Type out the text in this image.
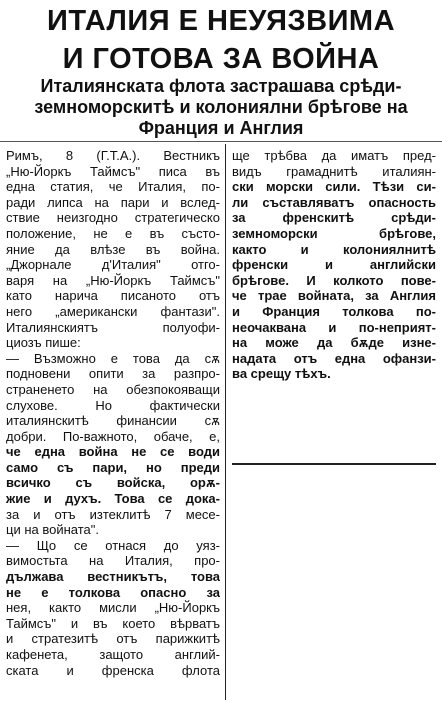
ИТАЛИЯ Е НЕУЯЗВИМА
И ГОТОВА ЗА ВОЙНА
Италиянската флота застрашава срѣди-
земноморскитѣ и колониялни брѣгове на
Франция и Англия
Римъ, 8 (Г.Т.А.). Вестникъ
„Ню-Йоркъ Таймсъ" писа въ
една статия, че Италия, по-
ради липса на пари и вслед-
ствие неизгодно стратегическо
положение, не е въ състо-
яние да влѣзе въ война.
„Джорнале д'Италия" отго-
варя на „Ню-Йоркъ Таймсъ"
като нарича писаното отъ
него „американски фантази".
Италиянскиятъ полуофи-
циозъ пише:
— Възможно е това да сѫ
подновени опити за разпро-
страненето на обезпокояващи
слухове. Но фактически
италиянскитѣ финансии сѫ
добри. По-важното, обаче, е,
че една война не се води
само съ пари, но преди
всичко съ войска, орѫ-
жие и духъ. Това се дока-
за и отъ изтеклитѣ 7 месе-
ци на войната".
— Що се отнася до уяз-
вимостьта на Италия, про-
дължава вестникътъ, това
не е толкова опасно за
нея, както мисли „Ню-Йоркъ
Таймсъ" и въ което вѣрватъ
и стратезитѣ отъ парижкитѣ
кафенета, защото англий-
ската и френска флота
ще трѣбва да иматъ пред-
видъ грамаднитѣ италиян-
ски морски сили. Тѣзи си-
ли съставляватъ опасность
за френскитѣ срѣди-
земноморски брѣгове,
както и колониялнитѣ
френски и английски
брѣгове. И колкото пове-
че трае войната, за Англия
и Франция толкова по-
неочаквана и по-неприят-
на може да бѫде изне-
надата отъ една офанзи-
ва срещу тѣхъ.
